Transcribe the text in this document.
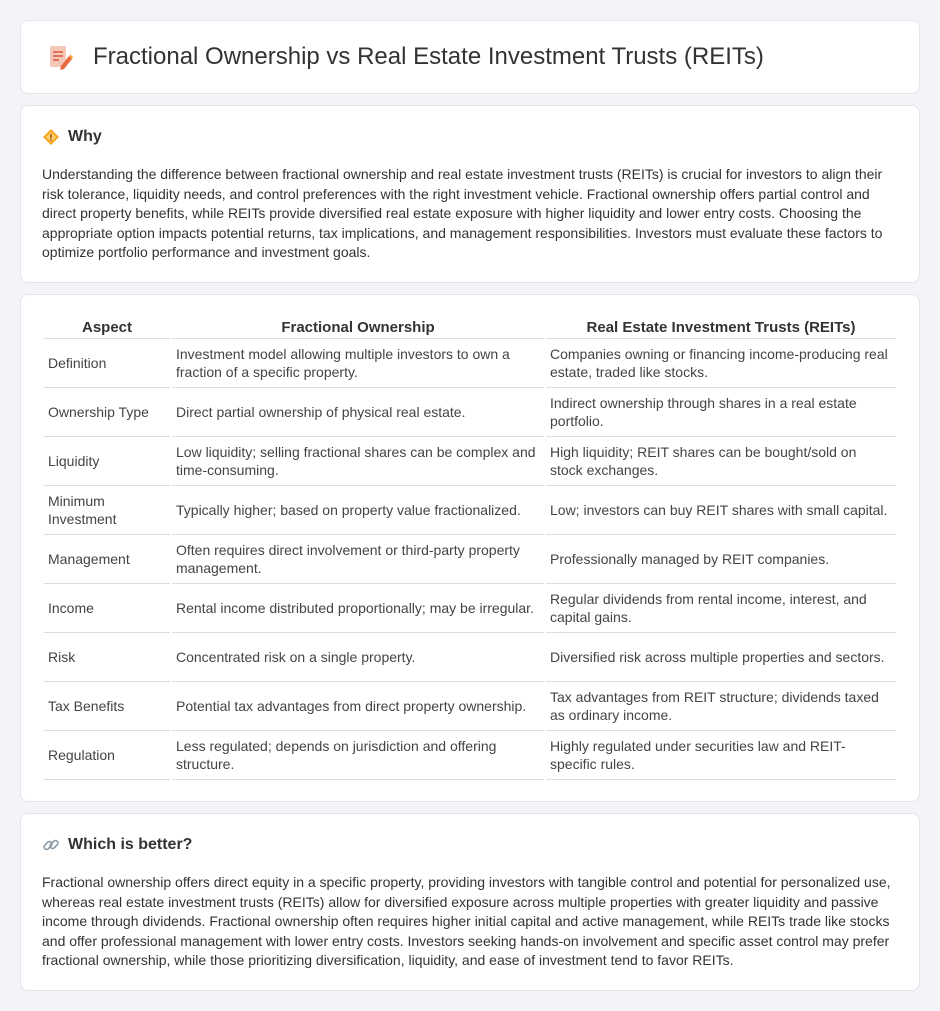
Fractional Ownership vs Real Estate Investment Trusts (REITs)
Why

Understanding the difference between fractional ownership and real estate investment trusts (REITs) is crucial for investors to align their risk tolerance, liquidity needs, and control preferences with the right investment vehicle. Fractional ownership offers partial control and direct property benefits, while REITs provide diversified real estate exposure with higher liquidity and lower entry costs. Choosing the appropriate option impacts potential returns, tax implications, and management responsibilities. Investors must evaluate these factors to optimize portfolio performance and investment goals.

Aspect	Fractional Ownership	Real Estate Investment Trusts (REITs)
Definition	Investment model allowing multiple investors to own a fraction of a specific property.	Companies owning or financing income-producing real estate, traded like stocks.
Ownership Type	Direct partial ownership of physical real estate.	Indirect ownership through shares in a real estate portfolio.
Liquidity	Low liquidity; selling fractional shares can be complex and time-consuming.	High liquidity; REIT shares can be bought/sold on stock exchanges.
Minimum Investment	Typically higher; based on property value fractionalized.	Low; investors can buy REIT shares with small capital.
Management	Often requires direct involvement or third-party property management.	Professionally managed by REIT companies.
Income	Rental income distributed proportionally; may be irregular.	Regular dividends from rental income, interest, and capital gains.
Risk	Concentrated risk on a single property.	Diversified risk across multiple properties and sectors.
Tax Benefits	Potential tax advantages from direct property ownership.	Tax advantages from REIT structure; dividends taxed as ordinary income.
Regulation	Less regulated; depends on jurisdiction and offering structure.	Highly regulated under securities law and REIT-specific rules.
Which is better?

Fractional ownership offers direct equity in a specific property, providing investors with tangible control and potential for personalized use, whereas real estate investment trusts (REITs) allow for diversified exposure across multiple properties with greater liquidity and passive income through dividends. Fractional ownership often requires higher initial capital and active management, while REITs trade like stocks and offer professional management with lower entry costs. Investors seeking hands-on involvement and specific asset control may prefer fractional ownership, while those prioritizing diversification, liquidity, and ease of investment tend to favor REITs.
